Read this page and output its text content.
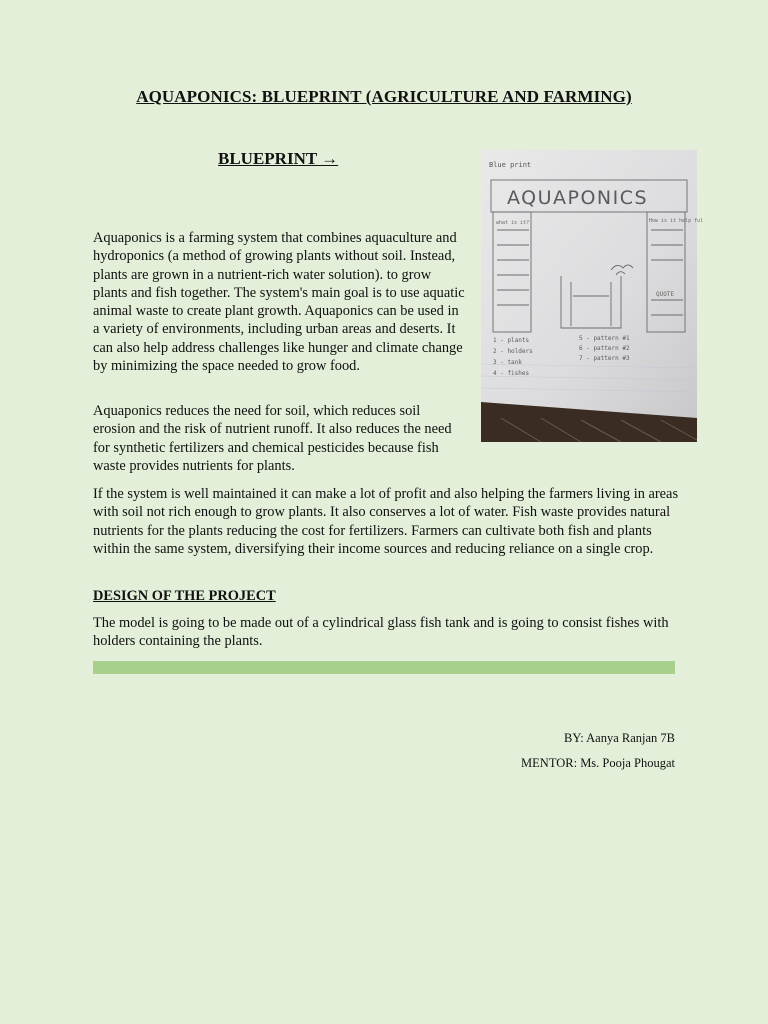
AQUAPONICS: BLUEPRINT (AGRICULTURE AND FARMING)
BLUEPRINT →
Aquaponics is a farming system that combines aquaculture and hydroponics (a method of growing plants without soil. Instead, plants are grown in a nutrient-rich water solution). to grow plants and fish together. The system's main goal is to use aquatic animal waste to create plant growth. Aquaponics can be used in a variety of environments, including urban areas and deserts. It can also help address challenges like hunger and climate change by minimizing the space needed to grow food.
Aquaponics reduces the need for soil, which reduces soil erosion and the risk of nutrient runoff. It also reduces the need for synthetic fertilizers and chemical pesticides because fish waste provides nutrients for plants.
If the system is well maintained it can make a lot of profit and also helping the farmers living in areas with soil not rich enough to grow plants. It also conserves a lot of water. Fish waste provides natural nutrients for the plants reducing the cost for fertilizers. Farmers can cultivate both fish and plants within the same system, diversifying their income sources and reducing reliance on a single crop.
DESIGN OF THE PROJECT
The model is going to be made out of a cylindrical glass fish tank and is going to consist fishes with holders containing the plants.
BY: Aanya Ranjan 7B
MENTOR: Ms. Pooja Phougat
Blue print
AQUAPONICS
what is it?	How is it help ful
QUOTE
1 - plants
2 - holders
3 - tank
4 - fishes
5 - pattern #1
6 - pattern #2
7 - pattern #3
